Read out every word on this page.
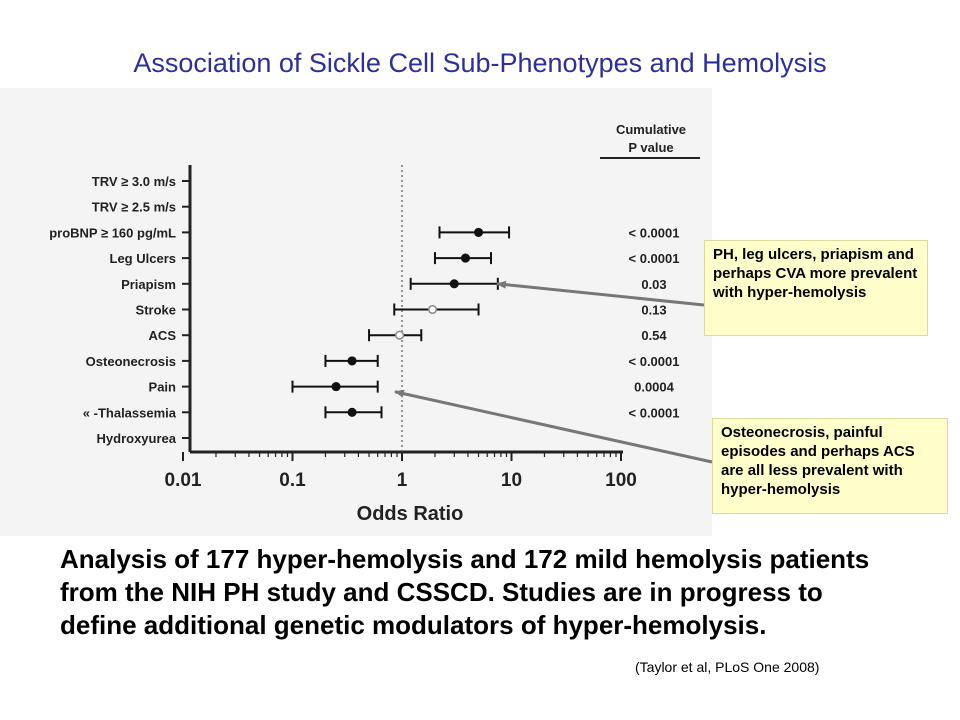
Association of Sickle Cell Sub-Phenotypes and Hemolysis
TRV ≥ 3.0 m/s
TRV ≥ 2.5 m/s
proBNP ≥ 160 pg/mL	< 0.0001
Leg Ulcers	< 0.0001
Priapism	0.03
Stroke	0.13
ACS	0.54
Osteonecrosis	< 0.0001
Pain	0.0004
« -Thalassemia	< 0.0001
Hydroxyurea
0.01	0.1	1	10	100
Odds Ratio
Cumulative
P value
PH, leg ulcers, priapism and perhaps CVA more prevalent with hyper-hemolysis
Osteonecrosis, painful episodes and perhaps ACS are all less prevalent with hyper-hemolysis
Analysis of 177 hyper-hemolysis and 172 mild hemolysis patients from the NIH PH study and CSSCD. Studies are in progress to define additional genetic modulators of hyper-hemolysis.
(Taylor et al, PLoS One 2008)
